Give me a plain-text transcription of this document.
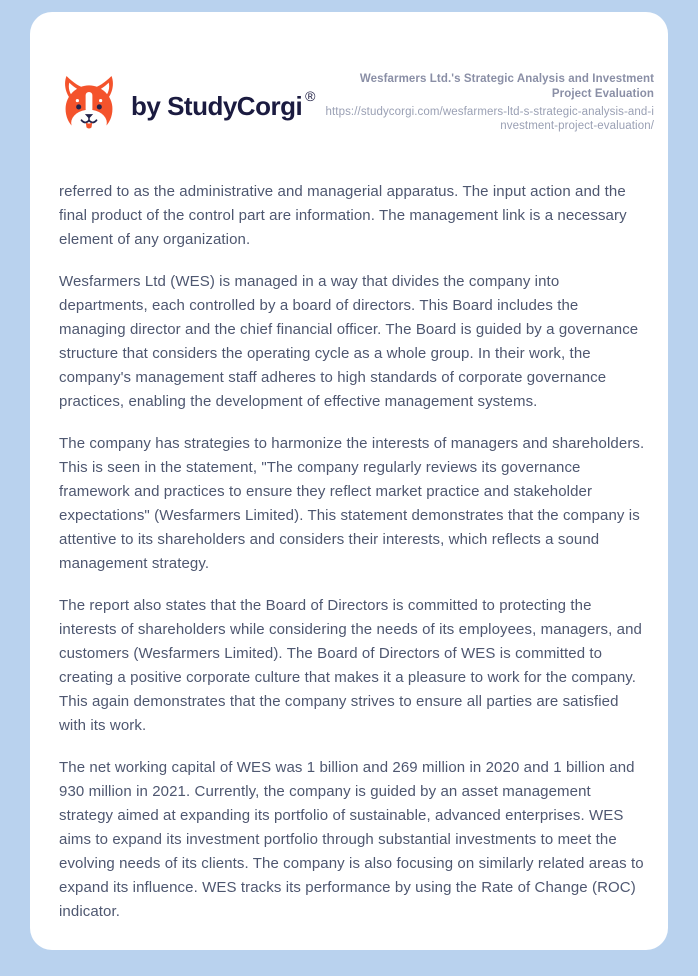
by StudyCorgi ®
Wesfarmers Ltd.'s Strategic Analysis and Investment Project Evaluation
https://studycorgi.com/wesfarmers-ltd-s-strategic-analysis-and-investment-project-evaluation/

referred to as the administrative and managerial apparatus. The input action and the final product of the control part are information. The management link is a necessary element of any organization.

Wesfarmers Ltd (WES) is managed in a way that divides the company into departments, each controlled by a board of directors. This Board includes the managing director and the chief financial officer. The Board is guided by a governance structure that considers the operating cycle as a whole group. In their work, the company's management staff adheres to high standards of corporate governance practices, enabling the development of effective management systems.

The company has strategies to harmonize the interests of managers and shareholders. This is seen in the statement, "The company regularly reviews its governance framework and practices to ensure they reflect market practice and stakeholder expectations" (Wesfarmers Limited). This statement demonstrates that the company is attentive to its shareholders and considers their interests, which reflects a sound management strategy.

The report also states that the Board of Directors is committed to protecting the interests of shareholders while considering the needs of its employees, managers, and customers (Wesfarmers Limited). The Board of Directors of WES is committed to creating a positive corporate culture that makes it a pleasure to work for the company. This again demonstrates that the company strives to ensure all parties are satisfied with its work.

The net working capital of WES was 1 billion and 269 million in 2020 and 1 billion and 930 million in 2021. Currently, the company is guided by an asset management strategy aimed at expanding its portfolio of sustainable, advanced enterprises. WES aims to expand its investment portfolio through substantial investments to meet the evolving needs of its clients. The company is also focusing on similarly related areas to expand its influence. WES tracks its performance by using the Rate of Change (ROC) indicator.
